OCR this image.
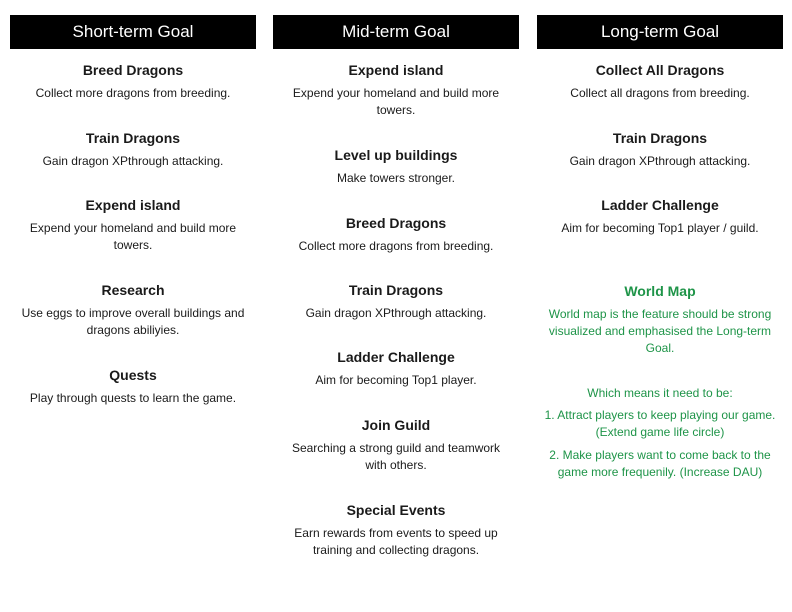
Short-term Goal

Breed Dragons

Collect more dragons from breeding.

Train Dragons

Gain dragon XPthrough attacking.

Expend island

Expend your homeland and build more towers.

Research

Use eggs to improve overall buildings and dragons abiliyies.

Quests

Play through quests to learn the game.

Mid-term Goal

Expend island

Expend your homeland and build more towers.

Level up buildings

Make towers stronger.

Breed Dragons

Collect more dragons from breeding.

Train Dragons

Gain dragon XPthrough attacking.

Ladder Challenge

Aim for becoming Top1 player.

Join Guild

Searching a strong guild and teamwork with others.

Special Events

Earn rewards from events to speed up training and collecting dragons.

Long-term Goal

Collect All Dragons

Collect all dragons from breeding.

Train Dragons

Gain dragon XPthrough attacking.

Ladder Challenge

Aim for becoming Top1 player / guild.

World Map

World map is the feature should be strong visualized and emphasised the Long-term Goal.

Which means it need to be:
1. Attract players to keep playing our game. (Extend game life circle)
2. Make players want to come back to the game more frequenily. (Increase DAU)
